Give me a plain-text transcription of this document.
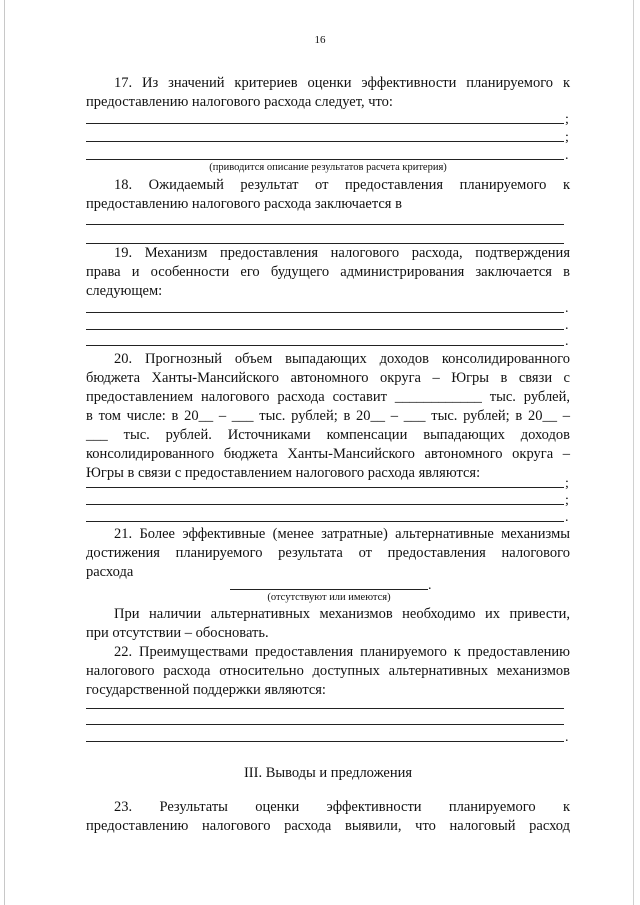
16

17. Из значений критериев оценки эффективности планируемого к

предоставлению налогового расхода следует, что:

;
;
.
(приводится описание результатов расчета критерия)

18. Ожидаемый результат от предоставления планируемого к

предоставлению налогового расхода заключается в

19. Механизм предоставления налогового расхода, подтверждения

права и особенности его будущего администрирования заключается в

следующем:

.
.
.

20. Прогнозный объем выпадающих доходов консолидированного

бюджета Ханты-Мансийского автономного округа – Югры в связи с

предоставлением налогового расхода составит ____________ тыс. рублей,

в том числе: в 20__ – ___ тыс. рублей; в 20__ – ___ тыс. рублей; в 20__ –

___ тыс. рублей. Источниками компенсации выпадающих доходов

консолидированного бюджета Ханты-Мансийского автономного округа –

Югры в связи с предоставлением налогового расхода являются:

;
;
.

21. Более эффективные (менее затратные) альтернативные механизмы

достижения планируемого результата от предоставления налогового

расхода

.
(отсутствуют или имеются)

При наличии альтернативных механизмов необходимо их привести,

при отсутствии – обосновать.

22. Преимуществами предоставления планируемого к предоставлению

налогового расхода относительно доступных альтернативных механизмов

государственной поддержки являются:

.

III. Выводы и предложения

23. Результаты оценки эффективности планируемого к

предоставлению налогового расхода выявили, что налоговый расход
